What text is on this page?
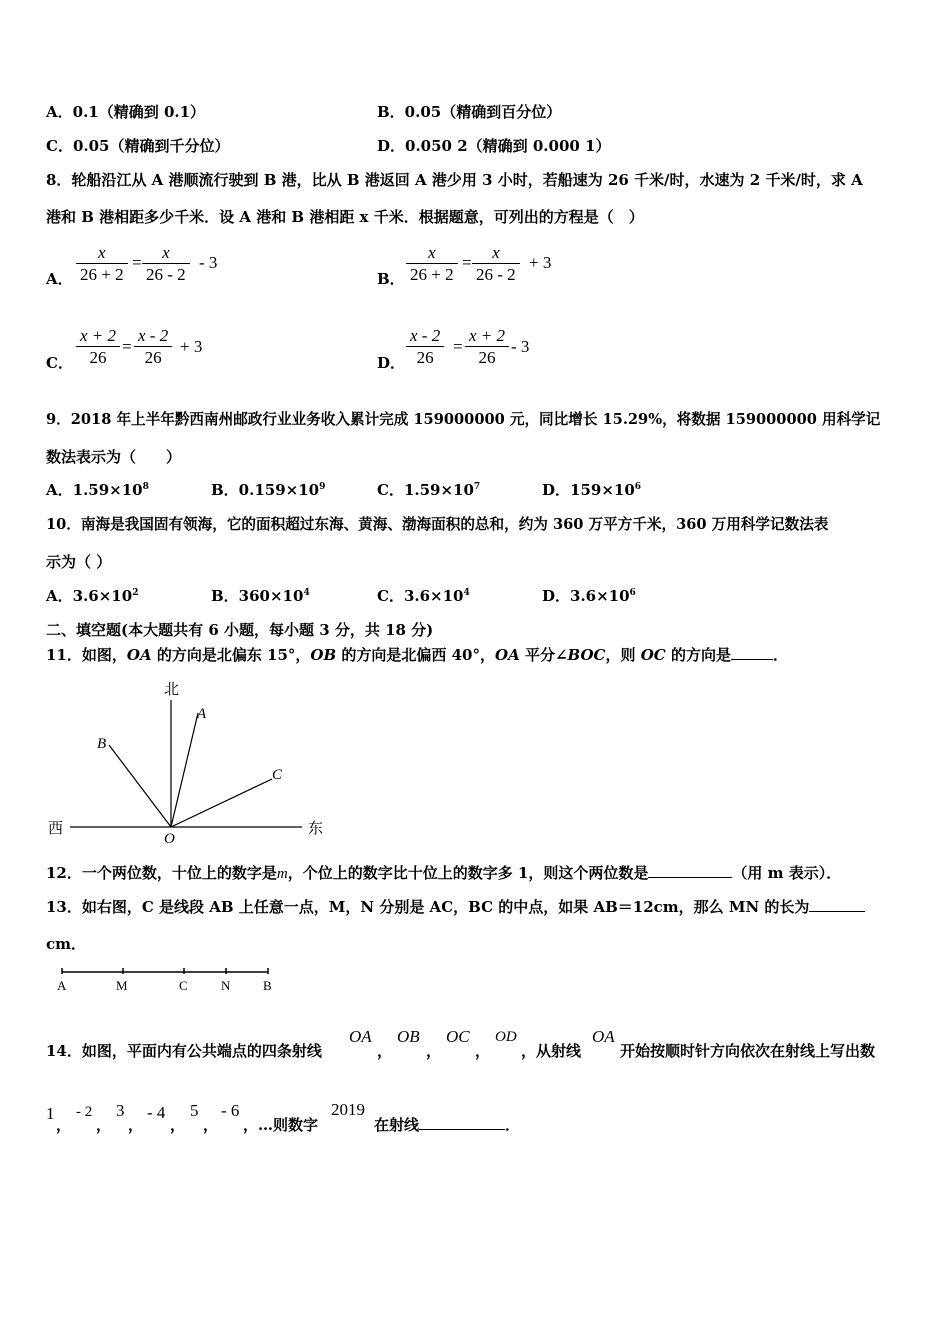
A．0.1（精确到 0.1）	B．0.05（精确到百分位）
C．0.05（精确到千分位）	D．0.050 2（精确到 0.000 1）
8．轮船沿江从 A 港顺流行驶到 B 港，比从 B 港返回 A 港少用 3 小时，若船速为 26 千米/时，水速为 2 千米/时，求 A
港和 B 港相距多少千米．设 A 港和 B 港相距 x 千米．根据题意，可列出的方程是（　）
A．
x
26 + 2
=
x
26 - 2
- 3
B．
x
26 + 2
=
x
26 - 2
+ 3
C．
x + 2
26
=
x - 2
26
+ 3
D．
x - 2
26
=
x + 2
26
- 3
9．2018 年上半年黔西南州邮政行业业务收入累计完成 159000000 元，同比增长 15.29%，将数据 159000000 用科学记
数法表示为（　　）
A．$1.59\times 10^8$	B．$0.159\times 10^9$	C．$1.59\times 10^7$	D．$159\times 10^6$
10．南海是我国固有领海，它的面积超过东海、黄海、渤海面积的总和，约为 360 万平方千米，360 万用科学记数法表
示为（ ）
A．$3.6\times 10^2$	B．$360\times 10^4$	C．$3.6\times 10^4$	D．$3.6\times 10^6$
二、填空题(本大题共有 6 小题，每小题 3 分，共 18 分)
11．如图，OA 的方向是北偏东 15°，OB 的方向是北偏西 40°，OA 平分∠BOC，则 OC 的方向是	．
北
西	东
A
B
C
O
12．一个两位数，十位上的数字是m，个位上的数字比十位上的数字多 1，则这个两位数是	（用 m 表示）．
13．如右图，C 是线段 AB 上任意一点，M，N 分别是 AC，BC 的中点，如果 AB＝12cm，那么 MN 的长为
cm．
A	M	C	N	B
14．如图，平面内有公共端点的四条射线
OA
，
OB
，
OC
，
OD
，从射线
OA
开始按顺时针方向依次在射线上写出数
1
，
- 2
，
3
，
- 4
，
5
，
- 6
，…则数字
2019
在射线	．
